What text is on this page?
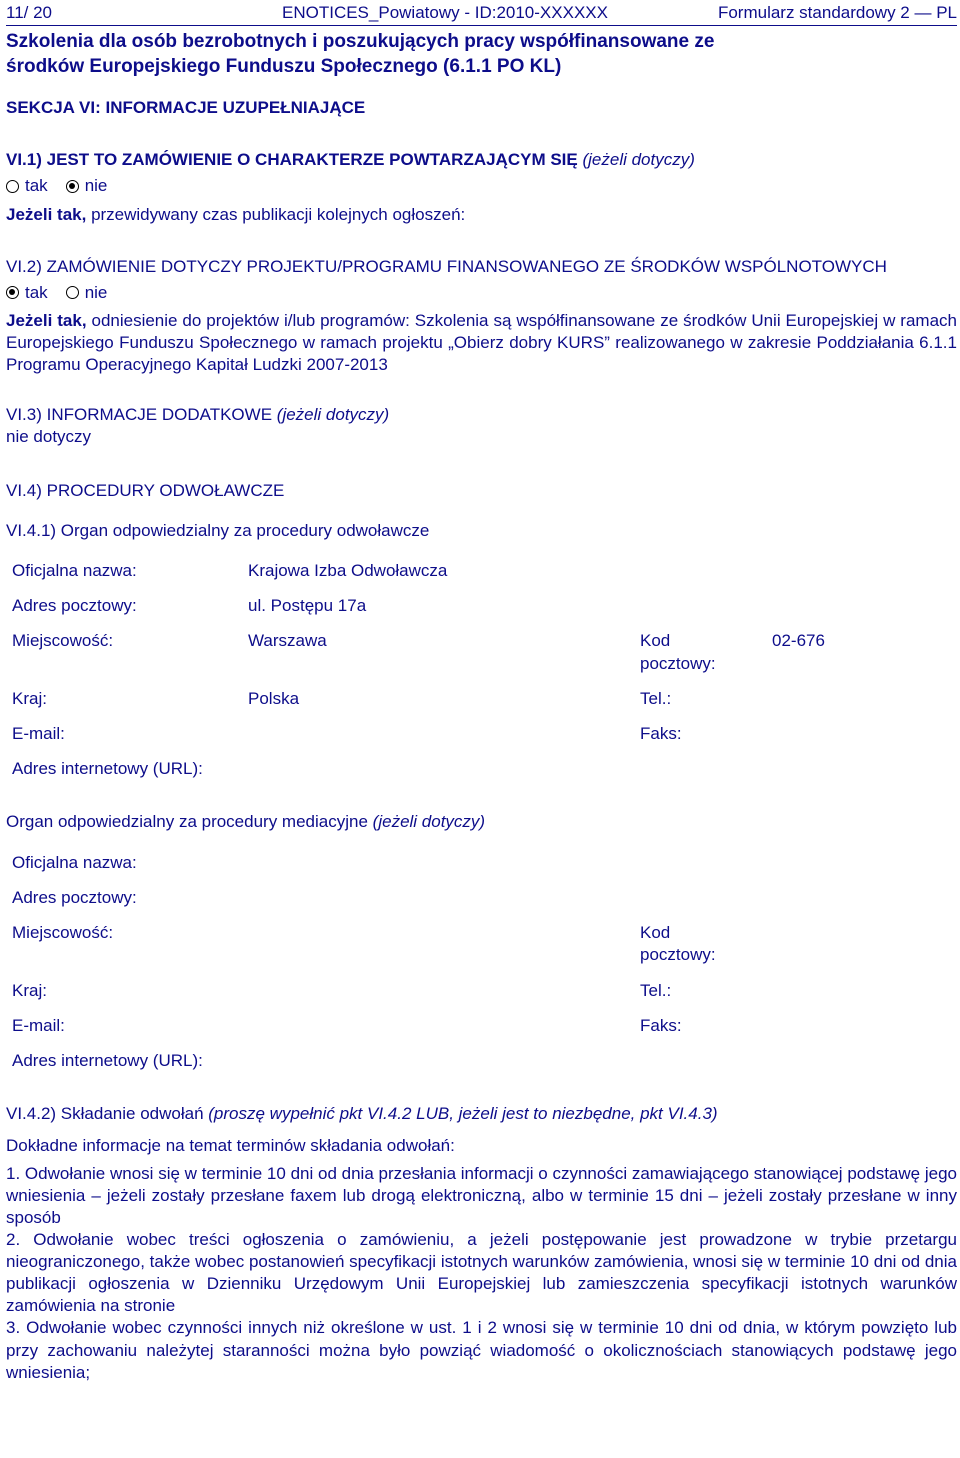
11/ 20	ENOTICES_Powiatowy - ID:2010-XXXXXX	Formularz standardowy 2 — PL
Szkolenia dla osób bezrobotnych i poszukujących pracy współfinansowane ze
środków Europejskiego Funduszu Społecznego (6.1.1 PO KL)
SEKCJA VI: INFORMACJE UZUPEŁNIAJĄCE
VI.1) JEST TO ZAMÓWIENIE O CHARAKTERZE POWTARZAJĄCYM SIĘ (jeżeli dotyczy)
tak nie
Jeżeli tak, przewidywany czas publikacji kolejnych ogłoszeń:
VI.2) ZAMÓWIENIE DOTYCZY PROJEKTU/PROGRAMU FINANSOWANEGO ZE ŚRODKÓW WSPÓLNOTOWYCH
tak nie
Jeżeli tak, odniesienie do projektów i/lub programów: Szkolenia są współfinansowane ze środków Unii Europejskiej w ramach Europejskiego Funduszu Społecznego w ramach projektu „Obierz dobry KURS” realizowanego w zakresie Poddziałania 6.1.1 Programu Operacyjnego Kapitał Ludzki 2007-2013
VI.3) INFORMACJE DODATKOWE (jeżeli dotyczy)
nie dotyczy
VI.4) PROCEDURY ODWOŁAWCZE
VI.4.1) Organ odpowiedzialny za procedury odwoławcze
Oficjalna nazwa:	Krajowa Izba Odwoławcza		
Adres pocztowy:	ul. Postępu 17a		
Miejscowość:	Warszawa	Kod
pocztowy:	02-676
Kraj:	Polska	Tel.:	
E-mail:		Faks:	
Adres internetowy (URL):			
Organ odpowiedzialny za procedury mediacyjne (jeżeli dotyczy)
Oficjalna nazwa:			
Adres pocztowy:			
Miejscowość:		Kod
pocztowy:	

Kraj:		Tel.:	
E-mail:		Faks:	
Adres internetowy (URL):			
VI.4.2) Składanie odwołań (proszę wypełnić pkt VI.4.2 LUB, jeżeli jest to niezbędne, pkt VI.4.3)
Dokładne informacje na temat terminów składania odwołań:

1. Odwołanie wnosi się w terminie 10 dni od dnia przesłania informacji o czynności zamawiającego stanowiącej podstawę jego wniesienia – jeżeli zostały przesłane faxem lub drogą elektroniczną, albo w terminie 15 dni – jeżeli zostały przesłane w inny sposób

2. Odwołanie wobec treści ogłoszenia o zamówieniu, a jeżeli postępowanie jest prowadzone w trybie przetargu nieograniczonego, także wobec postanowień specyfikacji istotnych warunków zamówienia, wnosi się w terminie 10 dni od dnia publikacji ogłoszenia w Dzienniku Urzędowym Unii Europejskiej lub zamieszczenia specyfikacji istotnych warunków zamówienia na stronie

3. Odwołanie wobec czynności innych niż określone w ust. 1 i 2 wnosi się w terminie 10 dni od dnia, w którym powzięto lub przy zachowaniu należytej staranności można było powziąć wiadomość o okolicznościach stanowiących podstawę jego wniesienia;
